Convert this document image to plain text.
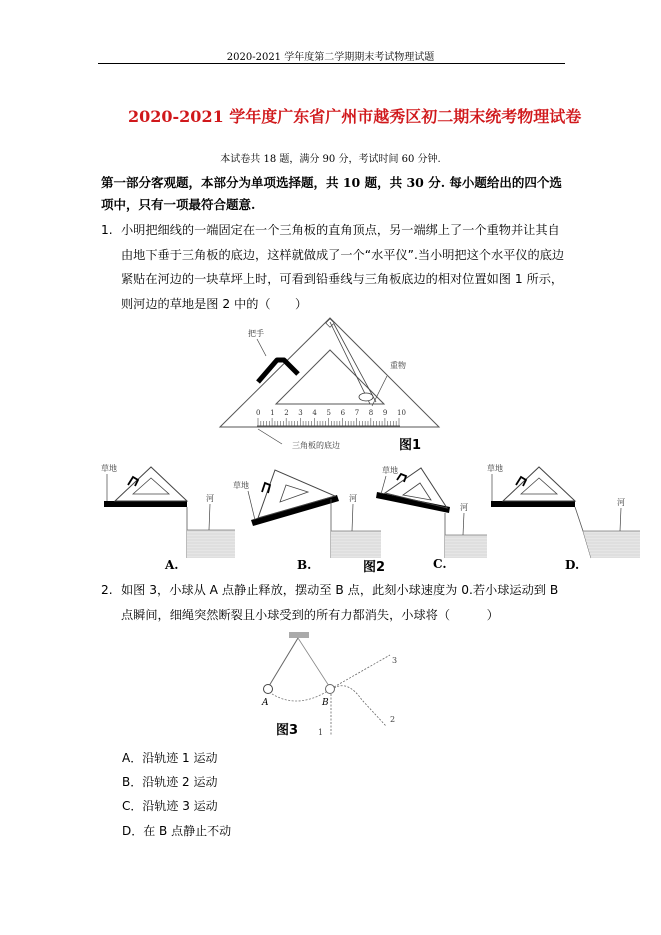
2020-2021 学年度第二学期期末考试物理试题
2020-2021 学年度广东省广州市越秀区初二期末统考物理试卷
本试卷共 18 题，满分 90 分，考试时间 60 分钟.
第一部分客观题，本部分为单项选择题，共 10 题，共 30 分. 每小题给出的四个选项中，只有一项最符合题意.
1. 小明把细线的一端固定在一个三角板的直角顶点，另一端绑上了一个重物并让其自由地下垂于三角板的底边，这样就做成了一个“水平仪”.当小明把这个水平仪的底边紧贴在河边的一块草坪上时，可看到铅垂线与三角板底边的相对位置如图 1 所示，则河边的草地是图 2 中的（　　）
0 1 2 3 4 5 6 7 8 9 10
把手
重物
三角板的底边	图1
草地
河
A.
草地
河
B.	图2
草地
河
C.
草地
河
D.
2. 如图 3，小球从 A 点静止释放，摆动至 B 点，此刻小球速度为 0.若小球运动到 B 点瞬间，细绳突然断裂且小球受到的所有力都消失，小球将（　　　）
A	B
1
2
3
图3
A．沿轨迹 1 运动
B．沿轨迹 2 运动
C．沿轨迹 3 运动
D．在 B 点静止不动
